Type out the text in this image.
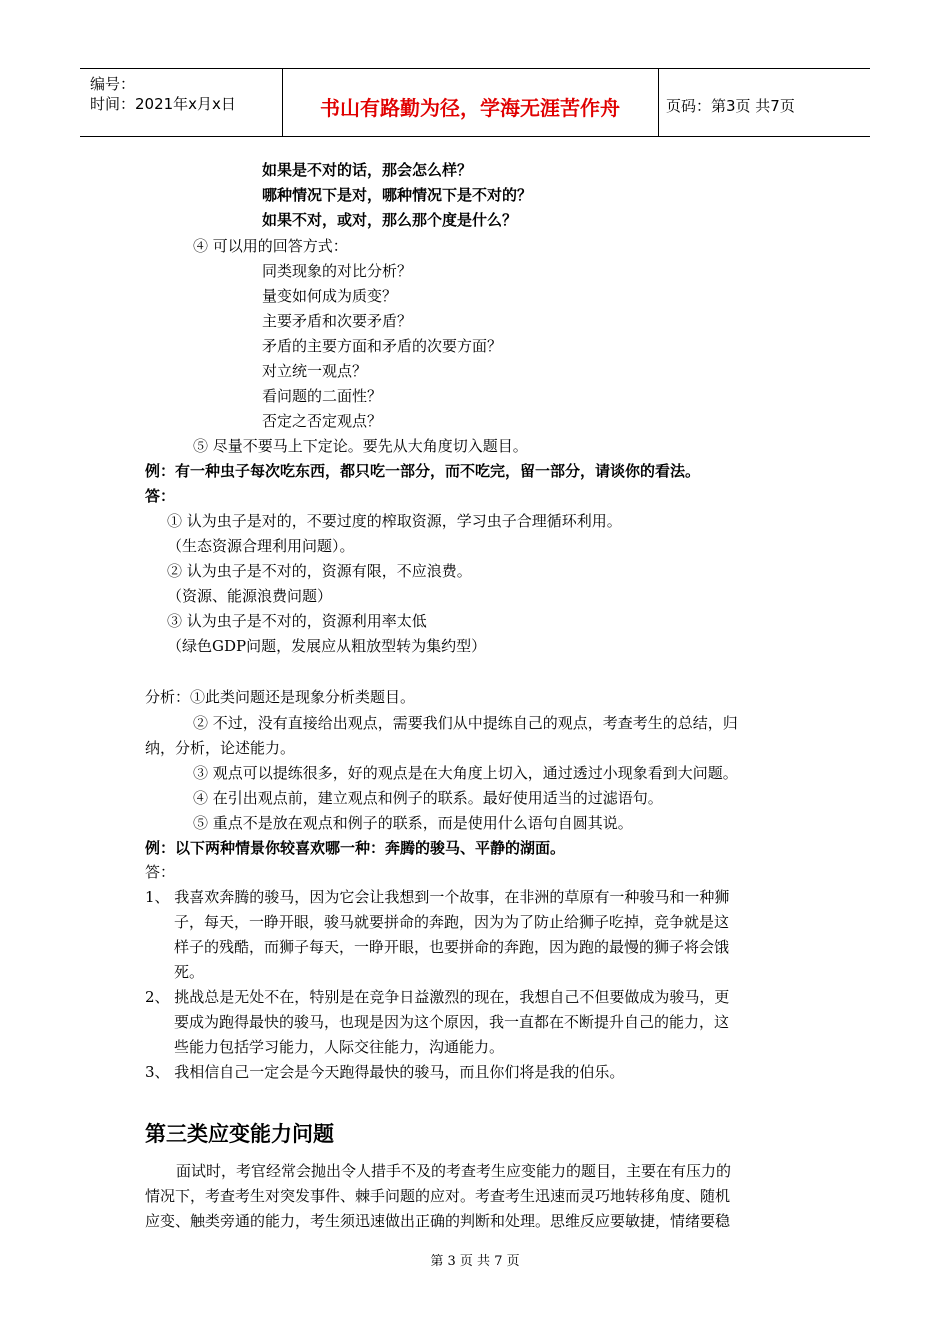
编号：
时间：2021年x月x日	书山有路勤为径，学海无涯苦作舟	页码：第3页 共7页
如果是不对的话，那会怎么样？
哪种情况下是对，哪种情况下是不对的？
如果不对，或对，那么那个度是什么？
④ 可以用的回答方式：
同类现象的对比分析？
量变如何成为质变？
主要矛盾和次要矛盾？
矛盾的主要方面和矛盾的次要方面？
对立统一观点？
看问题的二面性？
否定之否定观点？
⑤ 尽量不要马上下定论。要先从大角度切入题目。
例：有一种虫子每次吃东西，都只吃一部分，而不吃完，留一部分，请谈你的看法。
答：
① 认为虫子是对的，不要过度的榨取资源，学习虫子合理循环利用。
（生态资源合理利用问题）。
② 认为虫子是不对的，资源有限，不应浪费。
（资源、能源浪费问题）
③ 认为虫子是不对的，资源利用率太低
（绿色GDP问题，发展应从粗放型转为集约型）
分析：①此类问题还是现象分析类题目。
② 不过，没有直接给出观点，需要我们从中提练自己的观点，考查考生的总结，归
纳，分析，论述能力。
③ 观点可以提练很多，好的观点是在大角度上切入，通过透过小现象看到大问题。
④ 在引出观点前，建立观点和例子的联系。最好使用适当的过滤语句。
⑤ 重点不是放在观点和例子的联系，而是使用什么语句自圆其说。
例：以下两种情景你较喜欢哪一种：奔腾的骏马、平静的湖面。
答：
1、 我喜欢奔腾的骏马，因为它会让我想到一个故事，在非洲的草原有一种骏马和一种狮
子，每天，一睁开眼，骏马就要拼命的奔跑，因为为了防止给狮子吃掉，竞争就是这
样子的残酷，而狮子每天，一睁开眼，也要拼命的奔跑，因为跑的最慢的狮子将会饿
死。
2、 挑战总是无处不在，特别是在竞争日益激烈的现在，我想自己不但要做成为骏马，更
要成为跑得最快的骏马，也现是因为这个原因，我一直都在不断提升自己的能力，这
些能力包括学习能力，人际交往能力，沟通能力。
3、 我相信自己一定会是今天跑得最快的骏马，而且你们将是我的伯乐。
面试时，考官经常会抛出令人措手不及的考查考生应变能力的题目，主要在有压力的
情况下，考查考生对突发事件、棘手问题的应对。考查考生迅速而灵巧地转移角度、随机
应变、触类旁通的能力，考生须迅速做出正确的判断和处理。思维反应要敏捷，情绪要稳
第三类应变能力问题
第 3 页 共 7 页
